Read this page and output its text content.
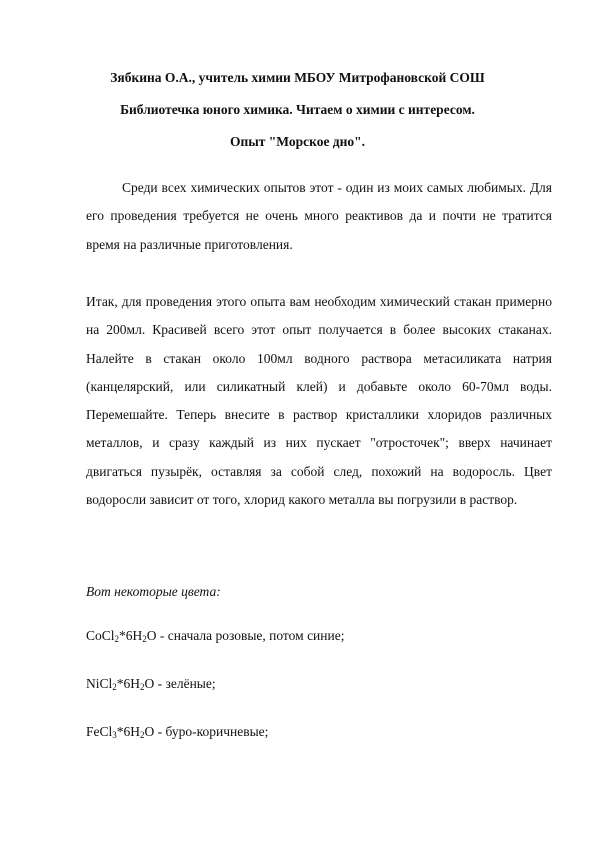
Зябкина О.А., учитель химии МБОУ Митрофановской СОШ
Библиотечка юного химика. Читаем о химии с интересом.
Опыт "Морское дно".
Среди всех химических опытов этот - один из моих самых любимых. Для его проведения требуется не очень много реактивов да и почти не тратится время на различные приготовления.
Итак, для проведения этого опыта вам необходим химический стакан примерно на 200мл. Красивей всего этот опыт получается в более высоких стаканах. Налейте в стакан около 100мл водного раствора метасиликата натрия (канцелярский, или силикатный клей) и добавьте около 60-70мл воды. Перемешайте. Теперь внесите в раствор кристаллики хлоридов различных металлов, и сразу каждый из них пускает "отросточек"; вверх начинает двигаться пузырёк, оставляя за собой след, похожий на водоросль. Цвет водоросли зависит от того, хлорид какого металла вы погрузили в раствор.
Вот некоторые цвета:
$CoCl_2*6H_2O$ - сначала розовые, потом синие;
$NiCl_2*6H_2O$ - зелёные;
$FeCl_3*6H_2O$ - буро-коричневые;
